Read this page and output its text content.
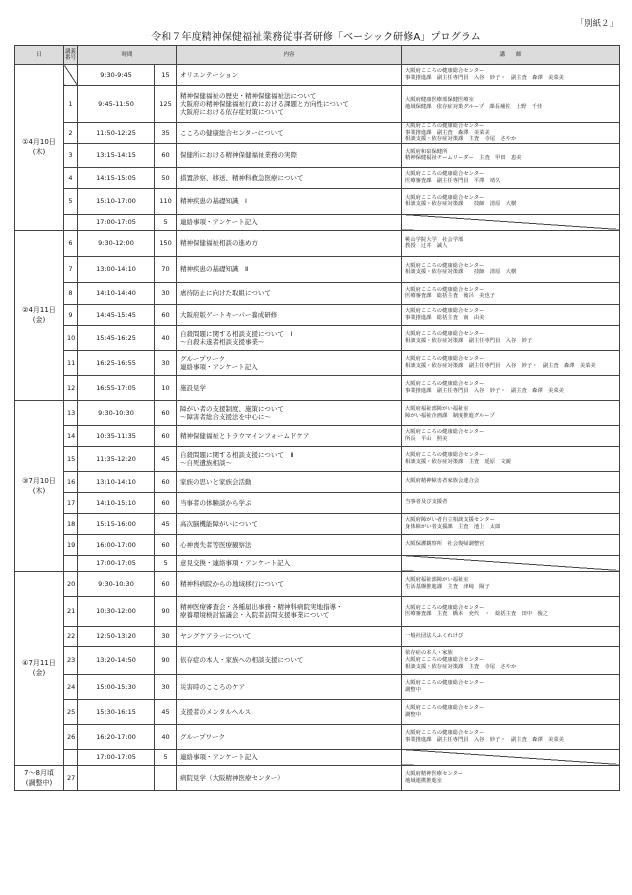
「別紙２」
令和７年度精神保健福祉業務従事者研修「ベーシック研修A」プログラム
日	講義
番号	時間		内容	講　　師
①4月10日
(木)		9:30-9:45	15	オリエンテーション	大阪府こころの健康総合センター
事業推進課　副主任専門員　入谷　妙子・　副主査　森澤　美菜美

	1	9:45-11:50	125	精神保健福祉の歴史・精神保健福祉法について
大阪府の精神保健福祉行政における課題と方向性について
大阪府における依存症対策について	大阪府健康医療部保健医療室
地域保健課　依存症対策グループ　課長補佐　上野　千佳

	2	11:50-12:25	35	こころの健康総合センターについて	大阪府こころの健康総合センター
事業推進課　副主査　森澤　美菜美
相談支援・依存症対策課　主査　寺尾　さやか

	3	13:15-14:15	60	保健所における精神保健福祉業務の実際	大阪府和泉保健所
精神保健福祉チームリーダー　主査　甲田　恵美

	4	14:15-15:05	50	措置診察、移送、精神科救急医療について	大阪府こころの健康総合センター
医療審査課　副主任専門員　平澤　靖久

	5	15:10-17:00	110	精神疾患の基礎知識　Ⅰ	大阪府こころの健康総合センター
相談支援・依存症対策課　　技師　清原　大樹

		17:00-17:05	5	連絡事項・アンケート記入	
②4月11日
(金)	6	9:30-12:00	150	精神保健福祉相談の進め方	桃山学院大学　社会学部
教授　辻井　誠人

	7	13:00-14:10	70	精神疾患の基礎知識　Ⅱ	大阪府こころの健康総合センター
相談支援・依存症対策課　　技師　清原　大樹

	8	14:10-14:40	30	虐待防止に向けた取組について	大阪府こころの健康総合センター
医療審査課　総括主査　後呂　美也子

	9	14:45-15:45	60	大阪府版ゲートキーパー養成研修	大阪府こころの健康総合センター
事業推進課　総括主査　南　由美

	10	15:45-16:25	40	自殺問題に関する相談支援について　Ⅰ
～自殺未遂者相談支援事業～	大阪府こころの健康総合センター
相談支援・依存症対策課　副主任専門員　入谷　妙子

	11	16:25-16:55	30	グループワーク
連絡事項・アンケート記入	大阪府こころの健康総合センター
相談支援・依存症対策課　副主任専門員　入谷　妙子・　副主査　森澤　美菜美

	12	16:55-17:05	10	施設見学	大阪府こころの健康総合センター
事業推進課　副主任専門員　入谷　妙子・　副主査　森澤　美菜美

③7月10日
(木)	13	9:30-10:30	60	障がい者の支援制度、施策について
～障害者総合支援法を中心に～	大阪府福祉部障がい福祉室
障がい福祉企画課　制度推進グループ

	14	10:35-11:35	60	精神保健福祉とトラウマインフォームドケア	大阪府こころの健康総合センター
所長　平山　照美

	15	11:35-12:20	45	自殺問題に関する相談支援について　Ⅱ
～自死遺族相談～	大阪府こころの健康総合センター
相談支援・依存症対策課　主査　延原　文親

	16	13:10-14:10	60	家族の思いと家族会活動	大阪府精神障害者家族会連合会
	17	14:10-15:10	60	当事者の体験談から学ぶ	当事者及び支援者
	18	15:15-16:00	45	高次脳機能障がいについて	大阪府障がい者自立相談支援センター
身体障がい者支援課　主査　池上　太郎

	19	16:00-17:00	60	心神喪失者等医療観察法	大阪保護観察所　社会復帰調整官
		17:00-17:05	5	意見交換・連絡事項・アンケート記入	
④7月11日
(金)	20	9:30-10:30	60	精神科病院からの地域移行について	大阪府福祉部障がい福祉室
生活基盤推進課　主査　津崎　陽子

	21	10:30-12:00	90	精神医療審査会・各種届出事務・精神科病院実地指導・
療養環境検討協議会・入院者訪問支援事業について	大阪府こころの健康総合センター
医療審査課　主査　橋本　充代　・　総括主査　田中　俊之

	22	12:50-13:20	30	ヤングケアラーについて	一般社団法人ふくれけび
	23	13:20-14:50	90	依存症の本人・家族への相談支援について	依存症の本人・家族
大阪府こころの健康総合センター
相談支援・依存症対策課　主査　寺尾　さやか

	24	15:00-15:30	30	災害時のこころのケア	大阪府こころの健康総合センター
調整中

	25	15:30-16:15	45	支援者のメンタルヘルス	大阪府こころの健康総合センター
調整中

	26	16:20-17:00	40	グループワーク	大阪府こころの健康総合センター
事業推進課　副主任専門員　入谷　妙子・　副主査　森澤　美菜美

		17:00-17:05	5	連絡事項・アンケート記入	
7～8月頃
(調整中)	27			病院見学（大阪精神医療センター）	大阪府精神医療センター
地域連携推進室
